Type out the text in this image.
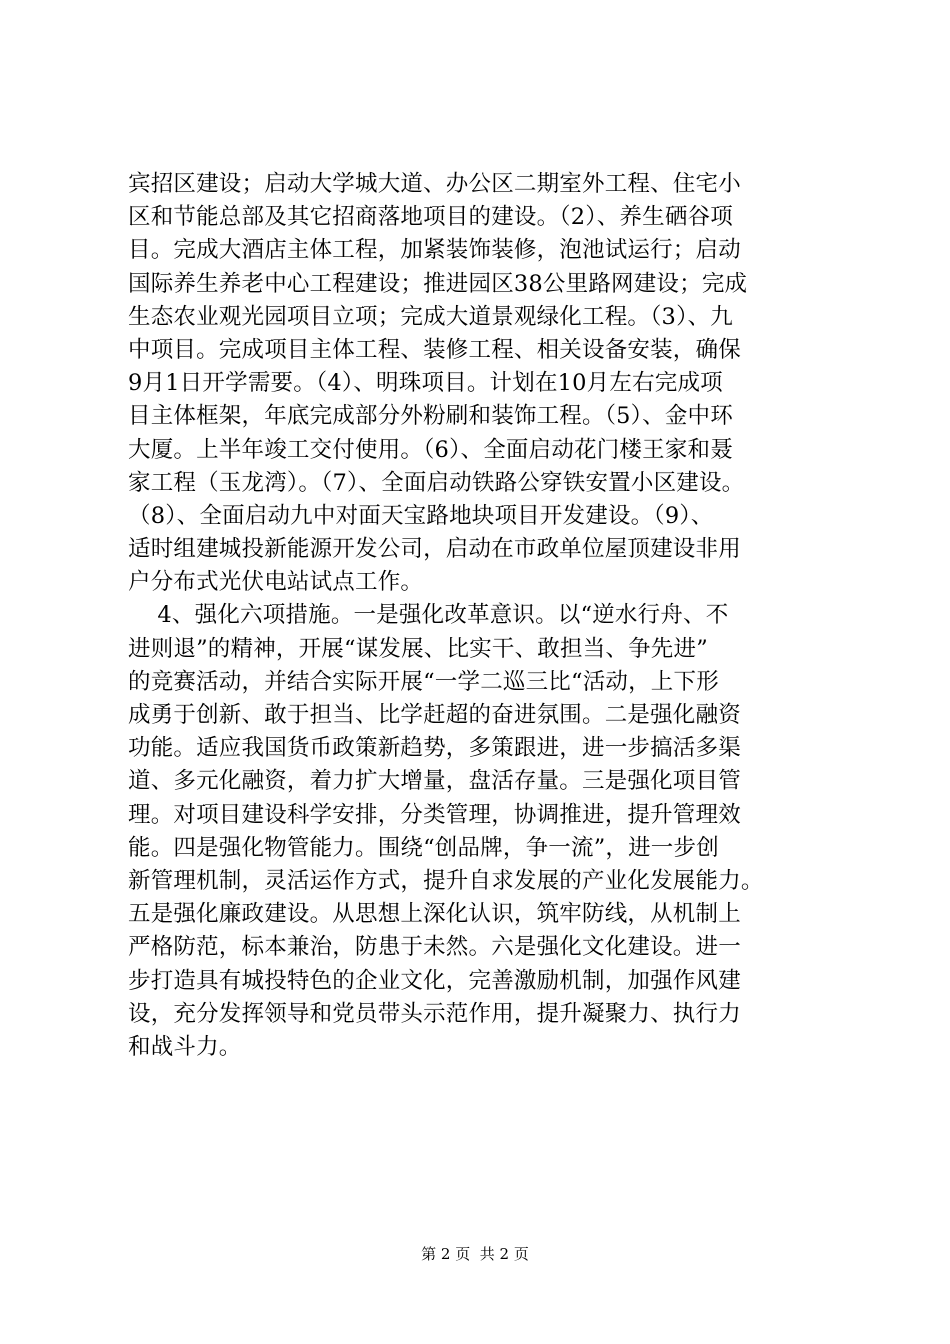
宾招区建设；启动大学城大道、办公区二期室外工程、住宅小
区和节能总部及其它招商落地项目的建设。（2）、养生硒谷项
目。完成大酒店主体工程，加紧装饰装修，泡池试运行；启动
国际养生养老中心工程建设；推进园区38公里路网建设；完成
生态农业观光园项目立项；完成大道景观绿化工程。（3）、九
中项目。完成项目主体工程、装修工程、相关设备安装，确保
9月1日开学需要。（4）、明珠项目。计划在10月左右完成项
目主体框架，年底完成部分外粉刷和装饰工程。（5）、金中环
大厦。上半年竣工交付使用。（6）、全面启动花门楼王家和聂
家工程（玉龙湾）。（7）、全面启动铁路公穿铁安置小区建设。
（8）、全面启动九中对面天宝路地块项目开发建设。（9）、
适时组建城投新能源开发公司，启动在市政单位屋顶建设非用
户分布式光伏电站试点工作。
4、强化六项措施。一是强化改革意识。以“逆水行舟、不
进则退”的精神，开展“谋发展、比实干、敢担当、争先进”
的竞赛活动，并结合实际开展“一学二巡三比“活动，上下形
成勇于创新、敢于担当、比学赶超的奋进氛围。二是强化融资
功能。适应我国货币政策新趋势，多策跟进，进一步搞活多渠
道、多元化融资，着力扩大增量，盘活存量。三是强化项目管
理。对项目建设科学安排，分类管理，协调推进，提升管理效
能。四是强化物管能力。围绕“创品牌，争一流”，进一步创
新管理机制，灵活运作方式，提升自求发展的产业化发展能力。
五是强化廉政建设。从思想上深化认识，筑牢防线，从机制上
严格防范，标本兼治，防患于未然。六是强化文化建设。进一
步打造具有城投特色的企业文化，完善激励机制，加强作风建
设，充分发挥领导和党员带头示范作用，提升凝聚力、执行力
和战斗力。
第 2 页  共 2 页
